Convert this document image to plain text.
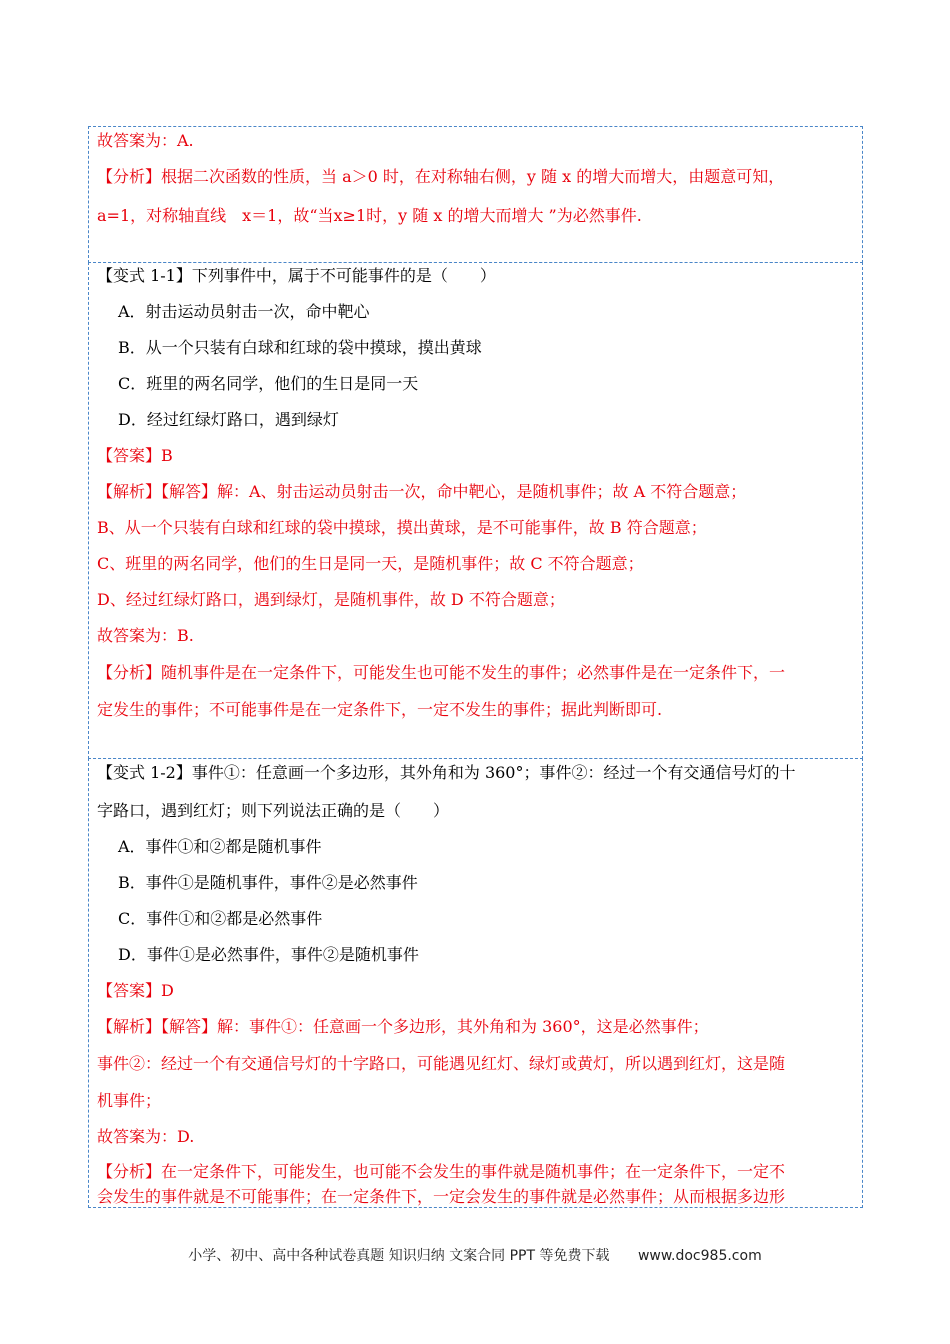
故答案为：A.
【分析】根据二次函数的性质，当 a＞0 时，在对称轴右侧，y 随 x 的增大而增大，由题意可知，
a=1，对称轴直线　x＝1，故“当x≥1时，y 随 x 的增大而增大 ”为必然事件.
【变式 1-1】下列事件中，属于不可能事件的是（　　）
A．射击运动员射击一次，命中靶心
B．从一个只装有白球和红球的袋中摸球，摸出黄球
C．班里的两名同学，他们的生日是同一天
D．经过红绿灯路口，遇到绿灯
【答案】B
【解析】【解答】解：A、射击运动员射击一次，命中靶心，是随机事件；故 A 不符合题意；
B、从一个只装有白球和红球的袋中摸球，摸出黄球，是不可能事件，故 B 符合题意；
C、班里的两名同学，他们的生日是同一天，是随机事件；故 C 不符合题意；
D、经过红绿灯路口，遇到绿灯，是随机事件，故 D 不符合题意；
故答案为：B.
【分析】随机事件是在一定条件下，可能发生也可能不发生的事件；必然事件是在一定条件下，一
定发生的事件；不可能事件是在一定条件下，一定不发生的事件；据此判断即可.
【变式 1-2】事件①：任意画一个多边形，其外角和为 360°；事件②：经过一个有交通信号灯的十
字路口，遇到红灯；则下列说法正确的是（　　）
A．事件①和②都是随机事件
B．事件①是随机事件，事件②是必然事件
C．事件①和②都是必然事件
D．事件①是必然事件，事件②是随机事件
【答案】D
【解析】【解答】解：事件①：任意画一个多边形，其外角和为 360°，这是必然事件；
事件②：经过一个有交通信号灯的十字路口，可能遇见红灯、绿灯或黄灯，所以遇到红灯，这是随
机事件；
故答案为：D.
【分析】在一定条件下，可能发生，也可能不会发生的事件就是随机事件；在一定条件下，一定不
会发生的事件就是不可能事件；在一定条件下，一定会发生的事件就是必然事件；从而根据多边形
小学、初中、高中各种试卷真题 知识归纳 文案合同 PPT 等免费下载 www.doc985.com
